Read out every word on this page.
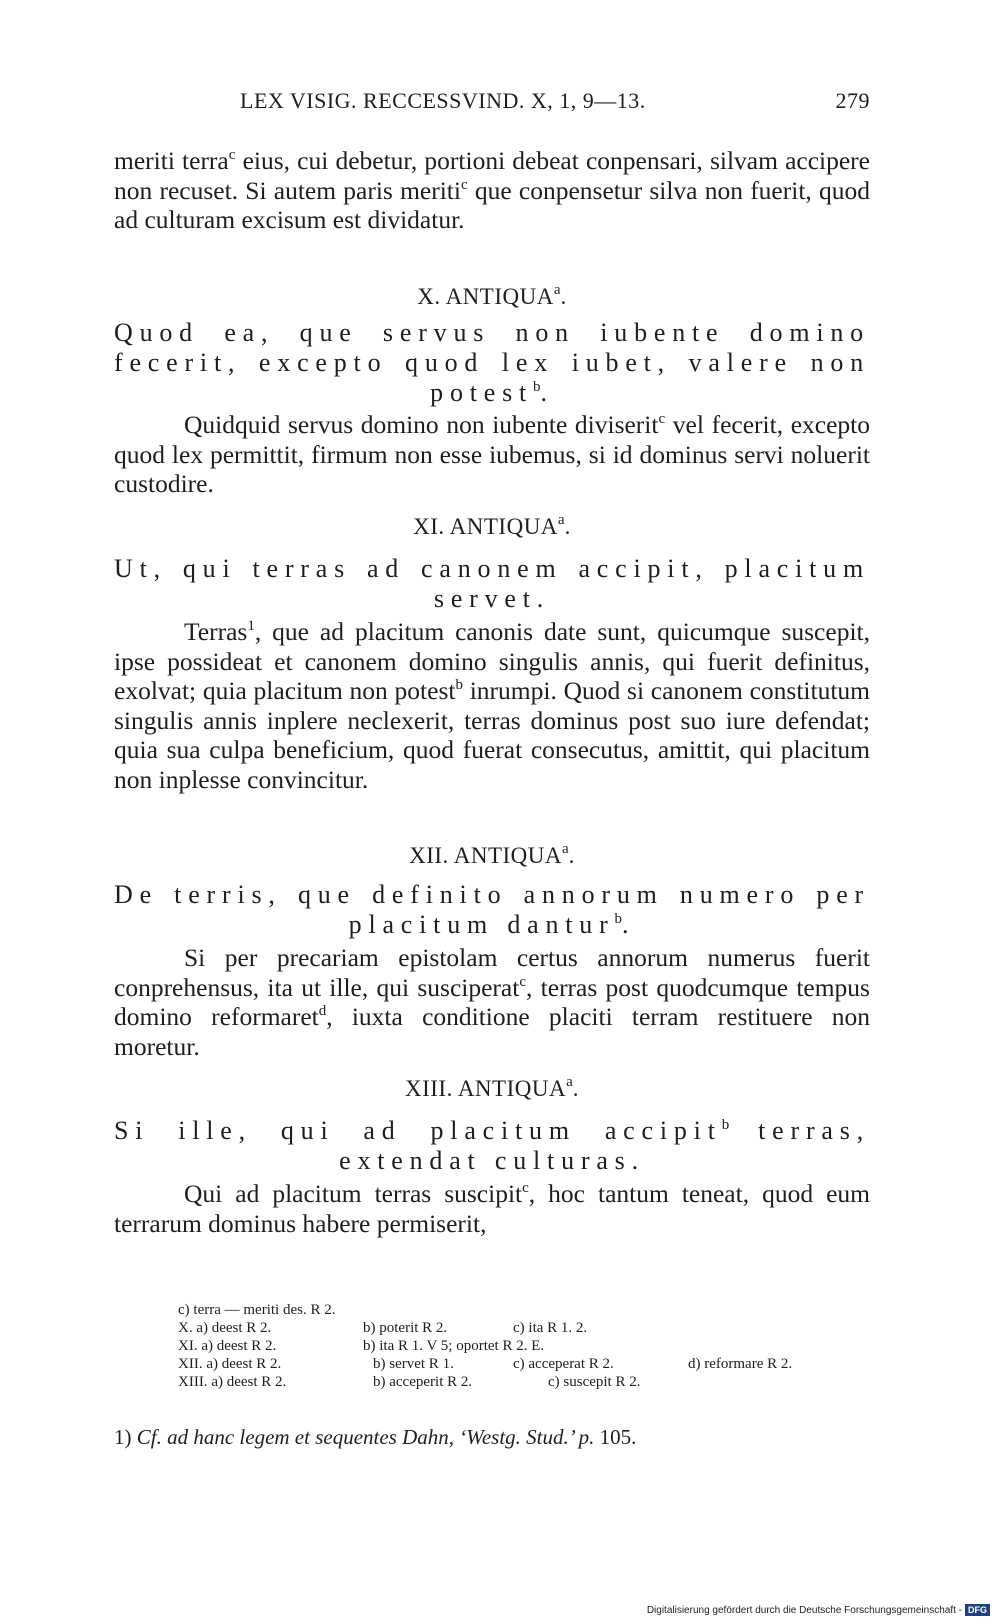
LEX VISIG. RECCESSVIND. X, 1, 9—13.	279

meriti terra$^c$ eius, cui debetur, portioni debeat conpensari, silvam accipere non recuset. Si autem paris meriti$^c$ que conpensetur silva non fuerit, quod ad culturam excisum est dividatur.

X. ANTIQUA$^a$.
Quod ea, que servus non iubente domino fecerit, excepto quod lex iubet, valere non potest$^b$.

Quidquid servus domino non iubente diviserit$^c$ vel fecerit, excepto quod lex permittit, firmum non esse iubemus, si id dominus servi noluerit custodire.

XI. ANTIQUA$^a$.
Ut, qui terras ad canonem accipit, placitum servet.

Terras$^1$, que ad placitum canonis date sunt, quicumque suscepit, ipse possideat et canonem domino singulis annis, qui fuerit definitus, exolvat; quia placitum non potest$^b$ inrumpi. Quod si canonem constitutum singulis annis inplere neclexerit, terras dominus post suo iure defendat; quia sua culpa beneficium, quod fuerat consecutus, amittit, qui placitum non inplesse convincitur.

XII. ANTIQUA$^a$.
De terris, que definito annorum numero per placitum dantur$^b$.

Si per precariam epistolam certus annorum numerus fuerit conprehensus, ita ut ille, qui susciperat$^c$, terras post quodcumque tempus domino reformaret$^d$, iuxta conditione placiti terram restituere non moretur.

XIII. ANTIQUA$^a$.
Si ille, qui ad placitum accipit$^b$ terras, extendat culturas.

Qui ad placitum terras suscipit$^c$, hoc tantum teneat, quod eum terrarum dominus habere permiserit,

c) terra — meriti des. R 2.
X. a) deest R 2.	b) poterit R 2.	c) ita R 1. 2.
XI. a) deest R 2.	b) ita R 1. V 5; oportet R 2. E.
XII. a) deest R 2.	b) servet R 1.	c) acceperat R 2.	d) reformare R 2.
XIII. a) deest R 2.	b) acceperit R 2.	c) suscepit R 2.
1) Cf. ad hanc legem et sequentes Dahn, ‘Westg. Stud.’ p. 105.
Digitalisierung gefördert durch die Deutsche Forschungsgemeinschaft - DFG
